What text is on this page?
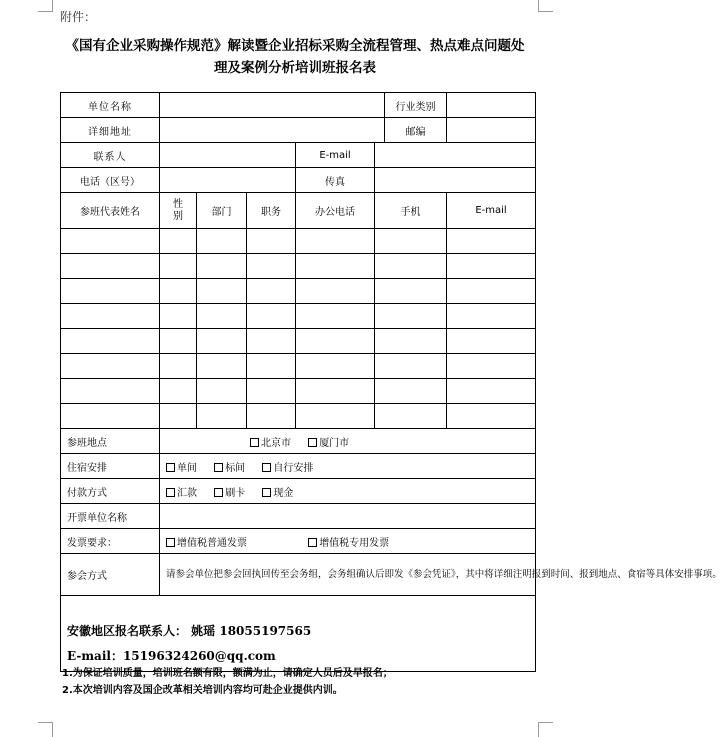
附件：
《国有企业采购操作规范》解读暨企业招标采购全流程管理、热点难点问题处
理及案例分析培训班报名表
单位名称						行业类别	
详细地址						邮编	
联系人				E-mail			
电话（区号）				传真			
参班代表姓名	性别	部门	职务	办公电话	手机		E-mail

参班地点	北京市 厦门市						
住宿安排	单间 标间 自行安排						
付款方式	汇款 刷卡 现金						
开票单位名称							
发票要求：	增值税普通发票 增值税专用发票						
参会方式	请参会单位把参会回执回传至会务组，会务组确认后即发《参会凭证》，其中将详细注明报到时间、报到地点、食宿等具体安排事项。						

安徽地区报名联系人： 姚瑶 18055197565
E-mail：15196324260@qq.com							
1.为保证培训质量，培训班名额有限，额满为止，请确定人员后及早报名；
2.本次培训内容及国企改革相关培训内容均可赴企业提供内训。
